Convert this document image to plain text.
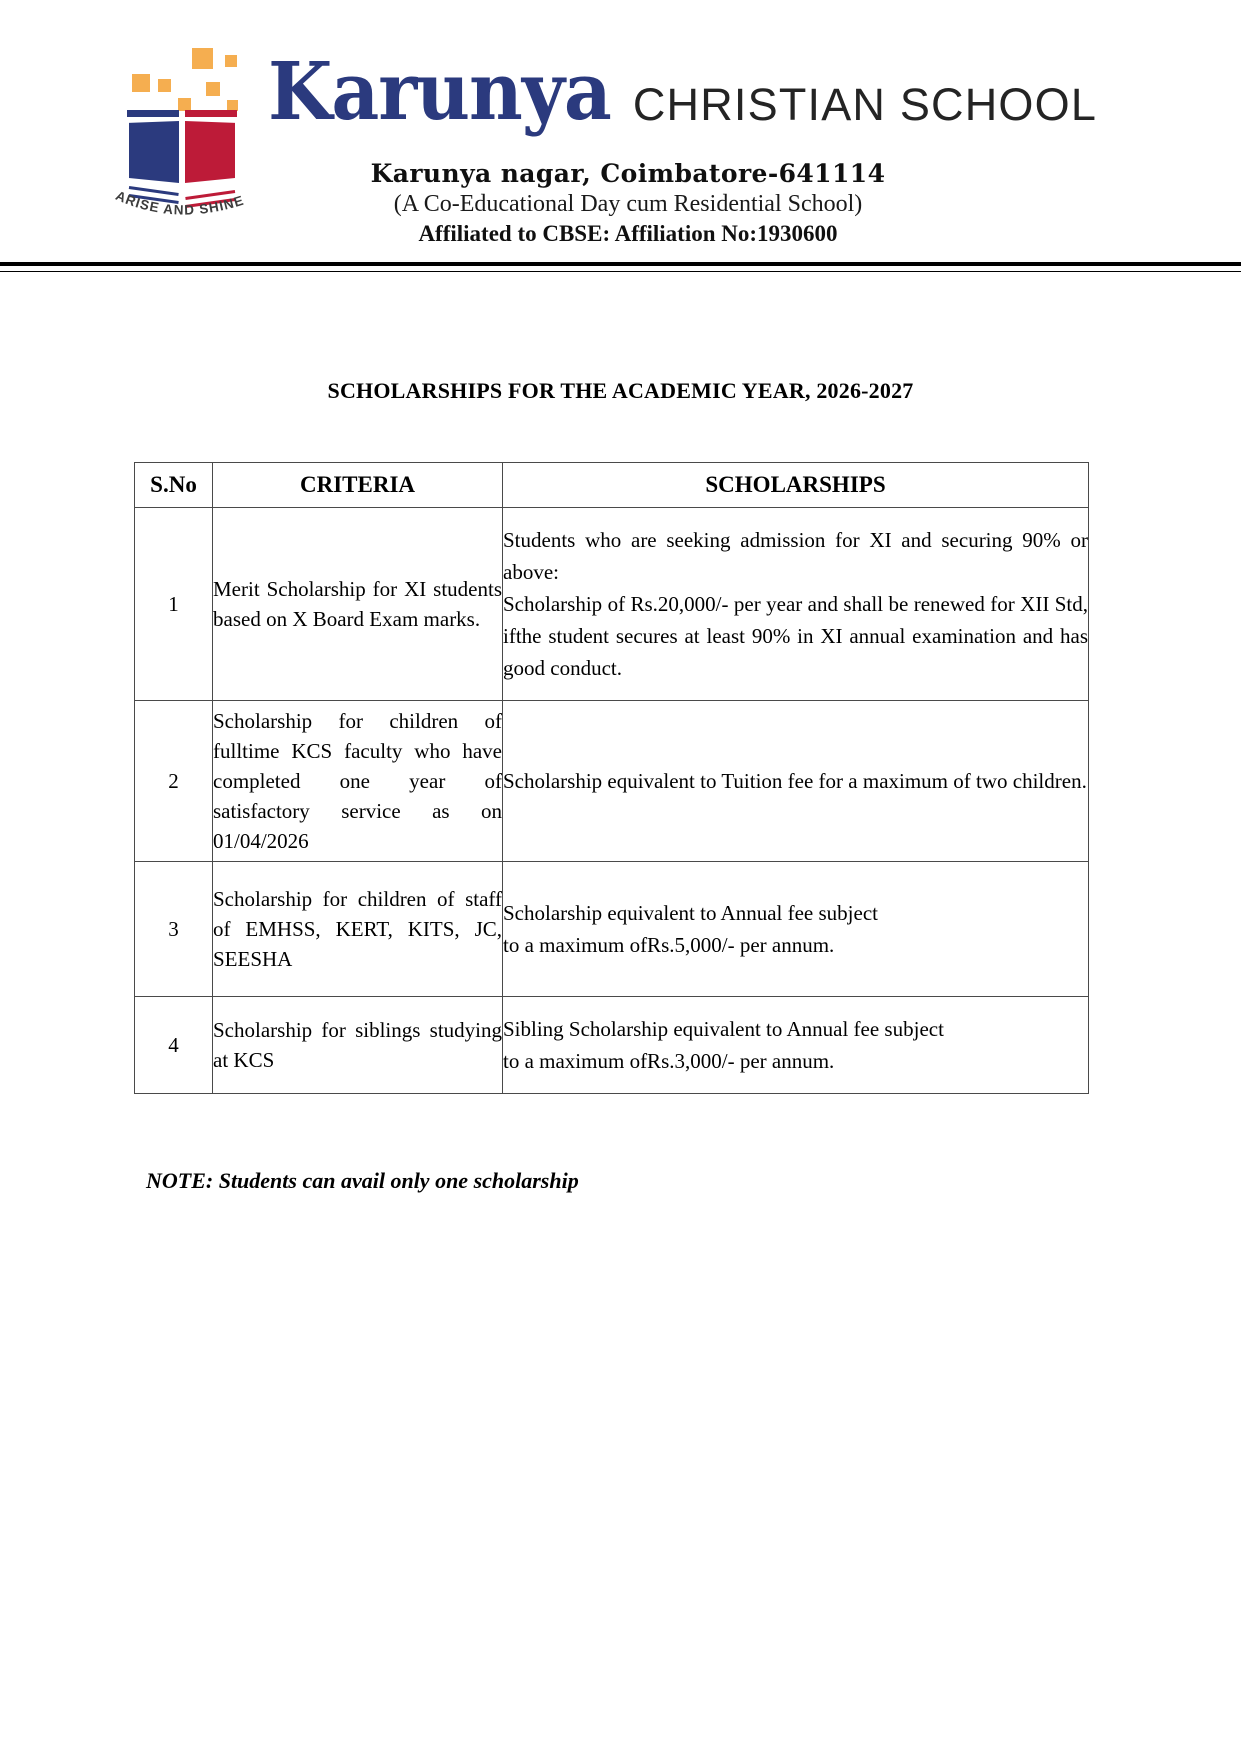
ARISE AND SHINE
Karunya CHRISTIAN SCHOOL
Karunya nagar, Coimbatore-641114
(A Co-Educational Day cum Residential School)
Affiliated to CBSE: Affiliation No:1930600
SCHOLARSHIPS FOR THE ACADEMIC YEAR, 2026-2027
S.No	CRITERIA	SCHOLARSHIPS
1	Merit Scholarship for XI students based on X Board Exam marks.	Students who are seeking admission for XI and securing 90% or above:
Scholarship of Rs.20,000/- per year and shall be renewed for XII Std, ifthe student secures at least 90% in XI annual examination and has good conduct.

2	Scholarship for children of fulltime KCS faculty who have completed one year of satisfactory service as on 01/04/2026	Scholarship equivalent to Tuition fee for a maximum of two children.

3	Scholarship for children of staff of EMHSS, KERT, KITS, JC, SEESHA	Scholarship equivalent to Annual fee subject
to a maximum ofRs.5,000/- per annum.

4	Scholarship for siblings studying at KCS	Sibling Scholarship equivalent to Annual fee subject
to a maximum ofRs.3,000/- per annum.
NOTE: Students can avail only one scholarship
